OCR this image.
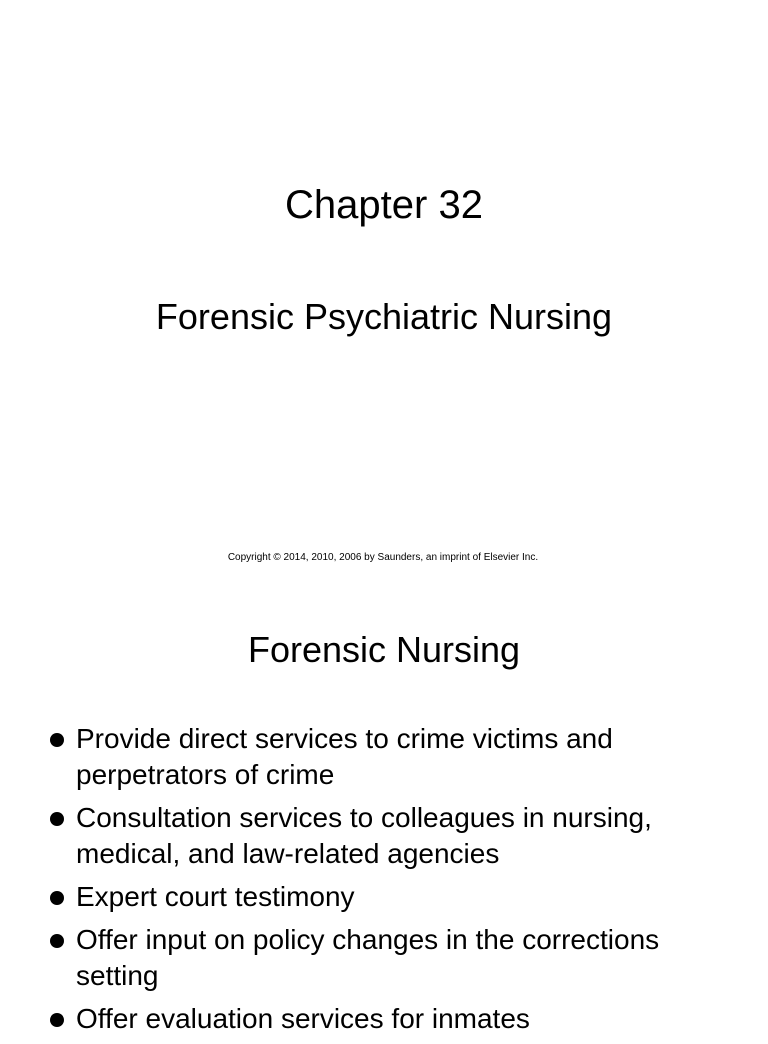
Chapter 32
Forensic Psychiatric Nursing
Copyright © 2014, 2010, 2006 by Saunders, an imprint of Elsevier Inc.
Forensic Nursing
Provide direct services to crime victims and perpetrators of crime
Consultation services to colleagues in nursing, medical, and law-related agencies
Expert court testimony
Offer input on policy changes in the corrections setting
Offer evaluation services for inmates
